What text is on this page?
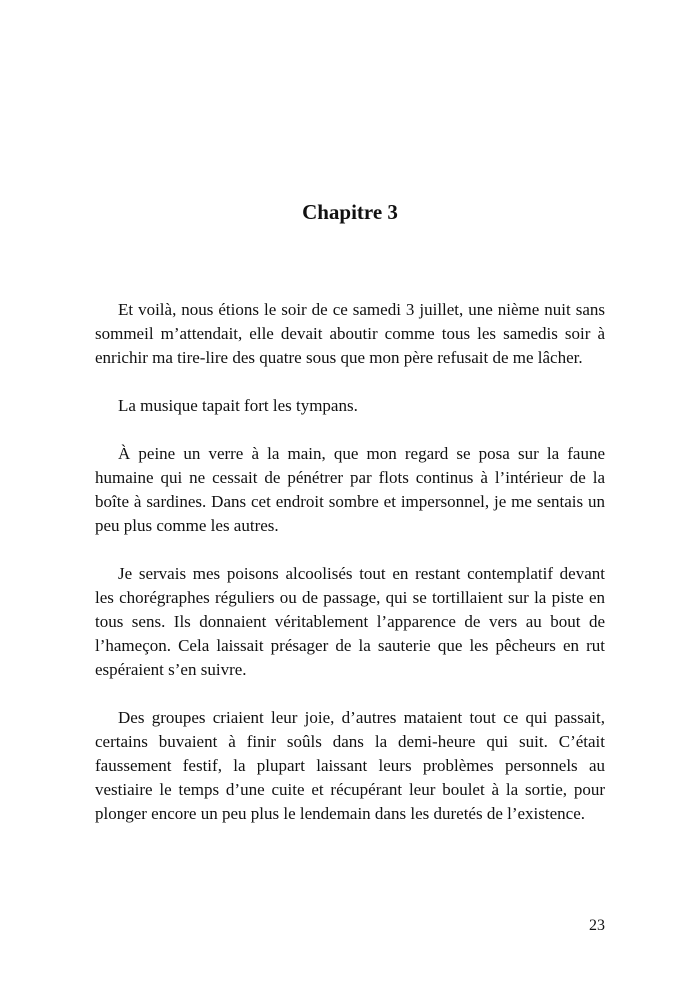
Chapitre 3

Et voilà, nous étions le soir de ce samedi 3 juillet, une nième nuit sans sommeil m’attendait, elle devait aboutir comme tous les samedis soir à enrichir ma tire-lire des quatre sous que mon père refusait de me lâcher.

La musique tapait fort les tympans.

À peine un verre à la main, que mon regard se posa sur la faune humaine qui ne cessait de pénétrer par flots continus à l’intérieur de la boîte à sardines. Dans cet endroit sombre et impersonnel, je me sentais un peu plus comme les autres.

Je servais mes poisons alcoolisés tout en restant contemplatif devant les chorégraphes réguliers ou de passage, qui se tortillaient sur la piste en tous sens. Ils donnaient véritablement l’apparence de vers au bout de l’hameçon. Cela laissait présager de la sauterie que les pêcheurs en rut espéraient s’en suivre.

Des groupes criaient leur joie, d’autres mataient tout ce qui passait, certains buvaient à finir soûls dans la demi-heure qui suit. C’était faussement festif, la plupart laissant leurs problèmes personnels au vestiaire le temps d’une cuite et récupérant leur boulet à la sortie, pour plonger encore un peu plus le lendemain dans les duretés de l’existence.

23
